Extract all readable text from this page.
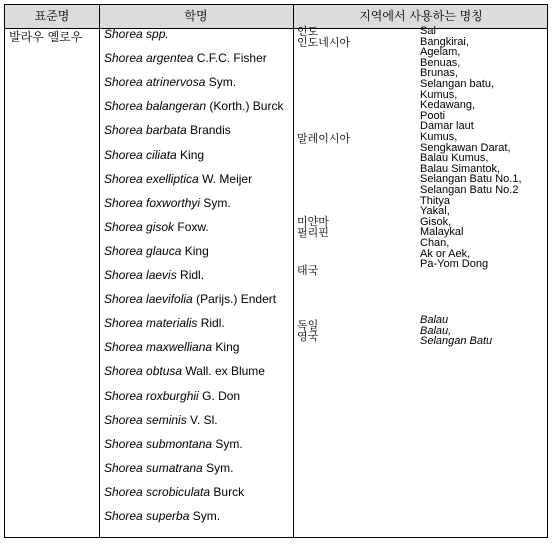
표준명	학명	지역에서 사용하는 명칭
발라우 옐로우 Shorea spp.
Shorea argentea C.F.C. Fisher
Shorea atrinervosa Sym.
Shorea balangeran (Korth.) Burck
Shorea barbata Brandis
Shorea ciliata King
Shorea exelliptica W. Meijer
Shorea foxworthyi Sym.
Shorea gisok Foxw.
Shorea glauca King
Shorea laevis Ridl.
Shorea laevifolia (Parijs.) Endert
Shorea materialis Ridl.
Shorea maxwelliana King
Shorea obtusa Wall. ex Blume
Shorea roxburghii G. Don
Shorea seminis V. Sl.
Shorea submontana Sym.
Shorea sumatrana Sym.
Shorea scrobiculata Burck
Shorea superba Sym.
인도
인도네시아
말레이시아
미얀마
필리핀
태국
독일
영국
Sal
Bangkirai,
Agelam,
Benuas,
Brunas,
Selangan batu,
Kumus,
Kedawang,
Pooti
Damar laut
Kumus,
Sengkawan Darat,
Balau Kumus,
Balau Simantok,
Selangan Batu No.1,
Selangan Batu No.2
Thitya
Yakal,
Gisok,
Malaykal
Chan,
Ak or Aek,
Pa-Yom Dong
Balau
Balau,
Selangan Batu
